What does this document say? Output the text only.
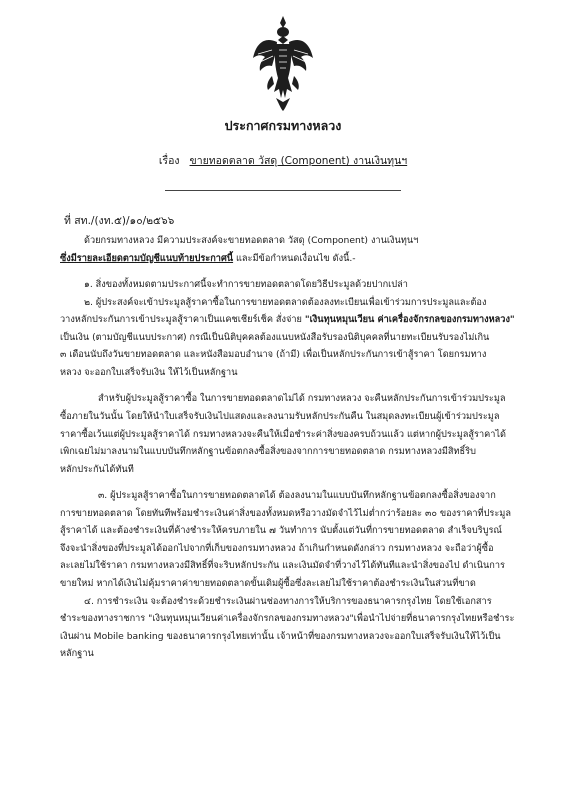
ประกาศกรมทางหลวง
เรื่อง ขายทอดตลาด วัสดุ (Component) งานเงินทุนฯ
ที่ สท./(งท.๕)/๑๐/๒๕๖๖

ด้วยกรมทางหลวง มีความประสงค์จะขายทอดตลาด วัสดุ (Component) งานเงินทุนฯ

ซึ่งมีรายละเอียดตามบัญชีแนบท้ายประกาศนี้ และมีข้อกำหนดเงื่อนไข ดังนี้.-

๑. สิ่งของทั้งหมดตามประกาศนี้จะทำการขายทอดตลาดโดยวิธีประมูลด้วยปากเปล่า

๒. ผู้ประสงค์จะเข้าประมูลสู้ราคาซื้อในการขายทอดตลาดต้องลงทะเบียนเพื่อเข้าร่วมการประมูลและต้อง

วางหลักประกันการเข้าประมูลสู้ราคาเป็นแคชเชียร์เช็ค สั่งจ่าย "เงินทุนหมุนเวียน ค่าเครื่องจักรกลของกรมทางหลวง"

เป็นเงิน (ตามบัญชีแนบประกาศ) กรณีเป็นนิติบุคคลต้องแนบหนังสือรับรองนิติบุคคลที่นายทะเบียนรับรองไม่เกิน

๓ เดือนนับถึงวันขายทอดตลาด และหนังสือมอบอำนาจ (ถ้ามี) เพื่อเป็นหลักประกันการเข้าสู้ราคา โดยกรมทาง

หลวง จะออกใบเสร็จรับเงิน ให้ไว้เป็นหลักฐาน

สำหรับผู้ประมูลสู้ราคาซื้อ ในการขายทอดตลาดไม่ได้ กรมทางหลวง จะคืนหลักประกันการเข้าร่วมประมูล

ซื้อภายในวันนั้น โดยให้นำใบเสร็จรับเงินไปแสดงและลงนามรับหลักประกันคืน ในสมุดลงทะเบียนผู้เข้าร่วมประมูล

ราคาซื้อเว้นแต่ผู้ประมูลสู้ราคาได้ กรมทางหลวงจะคืนให้เมื่อชำระค่าสิ่งของครบถ้วนแล้ว แต่หากผู้ประมูลสู้ราคาได้

เพิกเฉยไม่มาลงนามในแบบบันทึกหลักฐานข้อตกลงซื้อสิ่งของจากการขายทอดตลาด กรมทางหลวงมีสิทธิ์ริบ

หลักประกันได้ทันที

๓. ผู้ประมูลสู้ราคาซื้อในการขายทอดตลาดได้ ต้องลงนามในแบบบันทึกหลักฐานข้อตกลงซื้อสิ่งของจาก

การขายทอดตลาด โดยทันทีพร้อมชำระเงินค่าสิ่งของทั้งหมดหรือวางมัดจำไว้ไม่ต่ำกว่าร้อยละ ๓๐ ของราคาที่ประมูล

สู้ราคาได้ และต้องชำระเงินที่ค้างชำระให้ครบภายใน ๗ วันทำการ นับตั้งแต่วันที่การขายทอดตลาด สำเร็จบริบูรณ์

จึงจะนำสิ่งของที่ประมูลได้ออกไปจากที่เก็บของกรมทางหลวง ถ้าเกินกำหนดดังกล่าว กรมทางหลวง จะถือว่าผู้ซื้อ

ละเลยไม่ใช้ราคา กรมทางหลวงมีสิทธิ์ที่จะริบหลักประกัน และเงินมัดจำที่วางไว้ได้ทันทีและนำสิ่งของไป ดำเนินการ

ขายใหม่ หากได้เงินไม่คุ้มราคาค่าขายทอดตลาดขั้นเดิมผู้ซื้อซึ่งละเลยไม่ใช้ราคาต้องชำระเงินในส่วนที่ขาด

๔. การชำระเงิน จะต้องชำระด้วยชำระเงินผ่านช่องทางการให้บริการของธนาคารกรุงไทย โดยใช้เอกสาร

ชำระของทางราชการ "เงินทุนหมุนเวียนค่าเครื่องจักรกลของกรมทางหลวง"เพื่อนำไปจ่ายที่ธนาคารกรุงไทยหรือชำระ

เงินผ่าน Mobile banking ของธนาคารกรุงไทยเท่านั้น เจ้าหน้าที่ของกรมทางหลวงจะออกใบเสร็จรับเงินให้ไว้เป็น

หลักฐาน
